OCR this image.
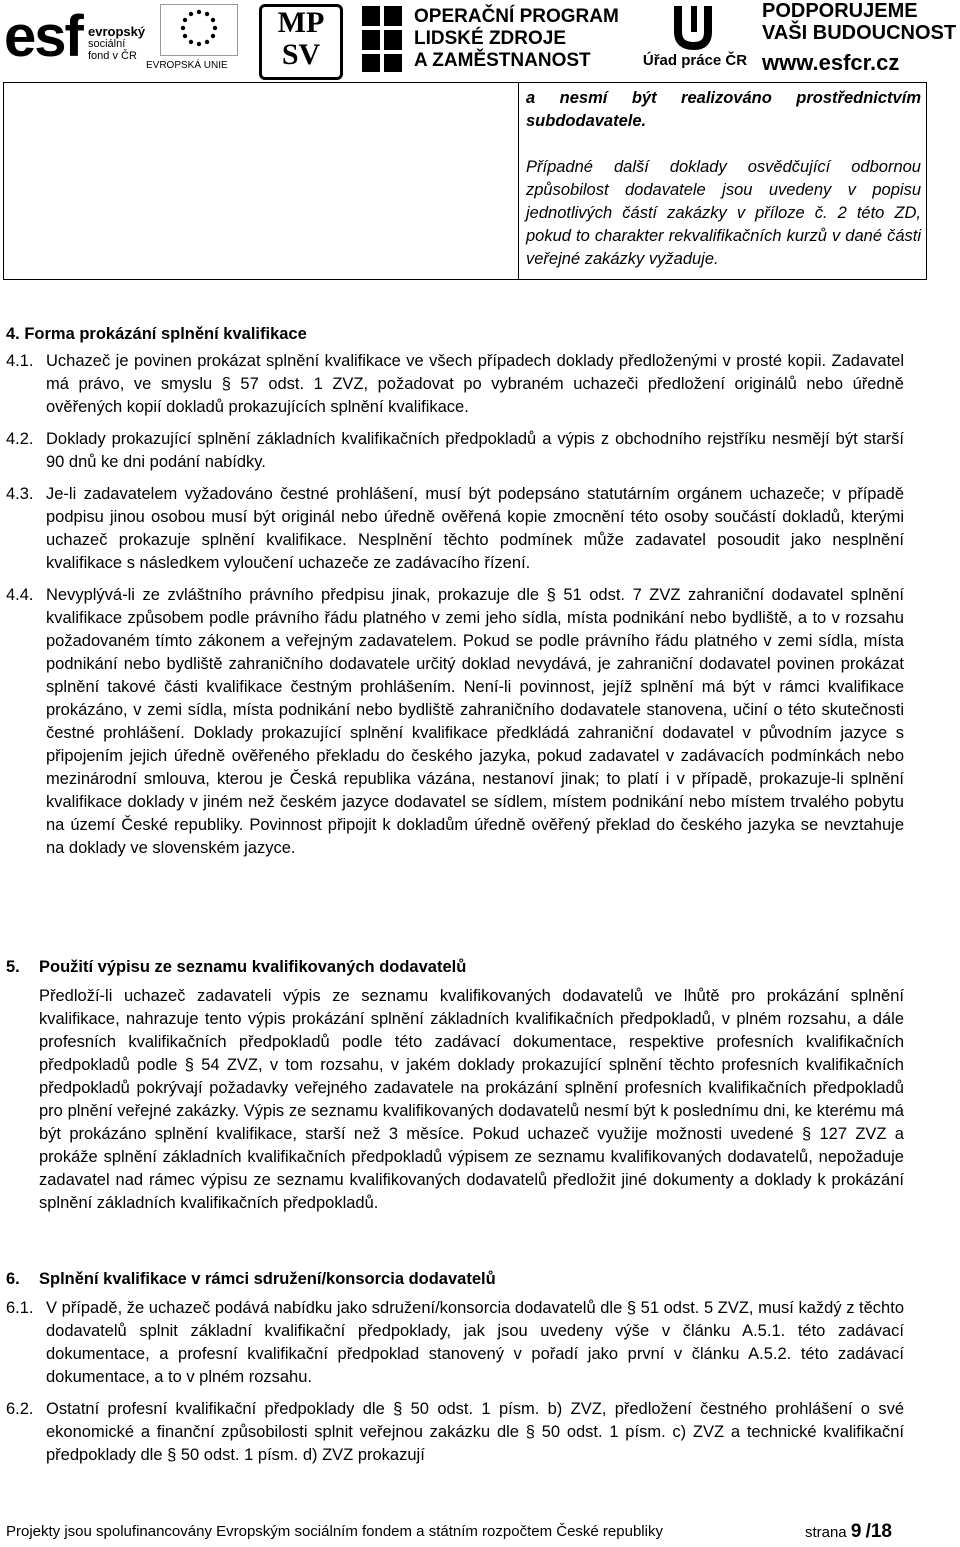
esf evropský
sociální
fond v ČR
EVROPSKÁ UNIE
MP
SV
OPERAČNÍ PROGRAM
LIDSKÉ ZDROJE
A ZAMĚSTNANOST	Úřad práce ČR
PODPORUJEME
VAŠI BUDOUCNOST
www.esfcr.cz

a nesmí být realizováno prostřednictvím subdodavatele.

Případné další doklady osvědčující odbornou způsobilost dodavatele jsou uvedeny v popisu jednotlivých částí zakázky v příloze č. 2 této ZD, pokud to charakter rekvalifikačních kurzů v dané části veřejné zakázky vyžaduje.

4. Forma prokázání splnění kvalifikace

4.1. Uchazeč je povinen prokázat splnění kvalifikace ve všech případech doklady předloženými v prosté kopii. Zadavatel má právo, ve smyslu § 57 odst. 1 ZVZ, požadovat po vybraném uchazeči předložení originálů nebo úředně ověřených kopií dokladů prokazujících splnění kvalifikace.

4.2. Doklady prokazující splnění základních kvalifikačních předpokladů a výpis z obchodního rejstříku nesmějí být starší 90 dnů ke dni podání nabídky.

4.3. Je-li zadavatelem vyžadováno čestné prohlášení, musí být podepsáno statutárním orgánem uchazeče; v případě podpisu jinou osobou musí být originál nebo úředně ověřená kopie zmocnění této osoby součástí dokladů, kterými uchazeč prokazuje splnění kvalifikace. Nesplnění těchto podmínek může zadavatel posoudit jako nesplnění kvalifikace s následkem vyloučení uchazeče ze zadávacího řízení.

4.4. Nevyplývá-li ze zvláštního právního předpisu jinak, prokazuje dle § 51 odst. 7 ZVZ zahraniční dodavatel splnění kvalifikace způsobem podle právního řádu platného v zemi jeho sídla, místa podnikání nebo bydliště, a to v rozsahu požadovaném tímto zákonem a veřejným zadavatelem. Pokud se podle právního řádu platného v zemi sídla, místa podnikání nebo bydliště zahraničního dodavatele určitý doklad nevydává, je zahraniční dodavatel povinen prokázat splnění takové části kvalifikace čestným prohlášením. Není-li povinnost, jejíž splnění má být v rámci kvalifikace prokázáno, v zemi sídla, místa podnikání nebo bydliště zahraničního dodavatele stanovena, učiní o této skutečnosti čestné prohlášení. Doklady prokazující splnění kvalifikace předkládá zahraniční dodavatel v původním jazyce s připojením jejich úředně ověřeného překladu do českého jazyka, pokud zadavatel v zadávacích podmínkách nebo mezinárodní smlouva, kterou je Česká republika vázána, nestanoví jinak; to platí i v případě, prokazuje-li splnění kvalifikace doklady v jiném než českém jazyce dodavatel se sídlem, místem podnikání nebo místem trvalého pobytu na území České republiky. Povinnost připojit k dokladům úředně ověřený překlad do českého jazyka se nevztahuje na doklady ve slovenském jazyce.

5. Použití výpisu ze seznamu kvalifikovaných dodavatelů

Předloží-li uchazeč zadavateli výpis ze seznamu kvalifikovaných dodavatelů ve lhůtě pro prokázání splnění kvalifikace, nahrazuje tento výpis prokázání splnění základních kvalifikačních předpokladů, v plném rozsahu, a dále profesních kvalifikačních předpokladů podle této zadávací dokumentace, respektive profesních kvalifikačních předpokladů podle § 54 ZVZ, v tom rozsahu, v jakém doklady prokazující splnění těchto profesních kvalifikačních předpokladů pokrývají požadavky veřejného zadavatele na prokázání splnění profesních kvalifikačních předpokladů pro plnění veřejné zakázky. Výpis ze seznamu kvalifikovaných dodavatelů nesmí být k poslednímu dni, ke kterému má být prokázáno splnění kvalifikace, starší než 3 měsíce. Pokud uchazeč využije možnosti uvedené § 127 ZVZ a prokáže splnění základních kvalifikačních předpokladů výpisem ze seznamu kvalifikovaných dodavatelů, nepožaduje zadavatel nad rámec výpisu ze seznamu kvalifikovaných dodavatelů předložit jiné dokumenty a doklady k prokázání splnění základních kvalifikačních předpokladů.

6. Splnění kvalifikace v rámci sdružení/konsorcia dodavatelů
6.1. V případě, že uchazeč podává nabídku jako sdružení/konsorcia dodavatelů dle § 51 odst. 5 ZVZ, musí každý z těchto dodavatelů splnit základní kvalifikační předpoklady, jak jsou uvedeny výše v článku A.5.1. této zadávací dokumentace, a profesní kvalifikační předpoklad stanovený v pořadí jako první v článku A.5.2. této zadávací dokumentace, a to v plném rozsahu.

6.2. Ostatní profesní kvalifikační předpoklady dle § 50 odst. 1 písm. b) ZVZ, předložení čestného prohlášení o své ekonomické a finanční způsobilosti splnit veřejnou zakázku dle § 50 odst. 1 písm. c) ZVZ a technické kvalifikační předpoklady dle § 50 odst. 1 písm. d) ZVZ prokazují

Projekty jsou spolufinancovány Evropským sociálním fondem a státním rozpočtem České republiky	strana 9 /18
